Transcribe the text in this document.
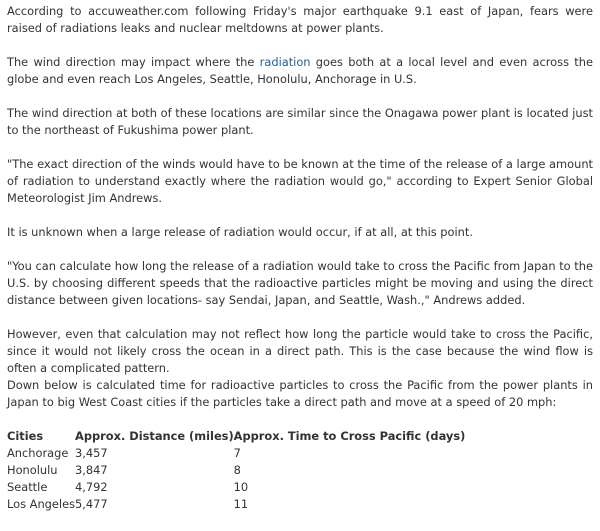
According to accuweather.com following Friday's major earthquake 9.1 east of Japan, fears were raised of radiations leaks and nuclear meltdowns at power plants.

The wind direction may impact where the radiation goes both at a local level and even across the globe and even reach Los Angeles, Seattle, Honolulu, Anchorage in U.S.

The wind direction at both of these locations are similar since the Onagawa power plant is located just to the northeast of Fukushima power plant.

"The exact direction of the winds would have to be known at the time of the release of a large amount of radiation to understand exactly where the radiation would go," according to Expert Senior Global Meteorologist Jim Andrews.

It is unknown when a large release of radiation would occur, if at all, at this point.

"You can calculate how long the release of a radiation would take to cross the Pacific from Japan to the U.S. by choosing different speeds that the radioactive particles might be moving and using the direct distance between given locations- say Sendai, Japan, and Seattle, Wash.," Andrews added.

However, even that calculation may not reflect how long the particle would take to cross the Pacific, since it would not likely cross the ocean in a direct path. This is the case because the wind flow is often a complicated pattern.

Down below is calculated time for radioactive particles to cross the Pacific from the power plants in Japan to big West Coast cities if the particles take a direct path and move at a speed of 20 mph:

Cities	Approx. Distance (miles)	Approx. Time to Cross Pacific (days)
Anchorage	3,457	7
Honolulu	3,847	8
Seattle	4,792	10
Los Angeles	5,477	11
